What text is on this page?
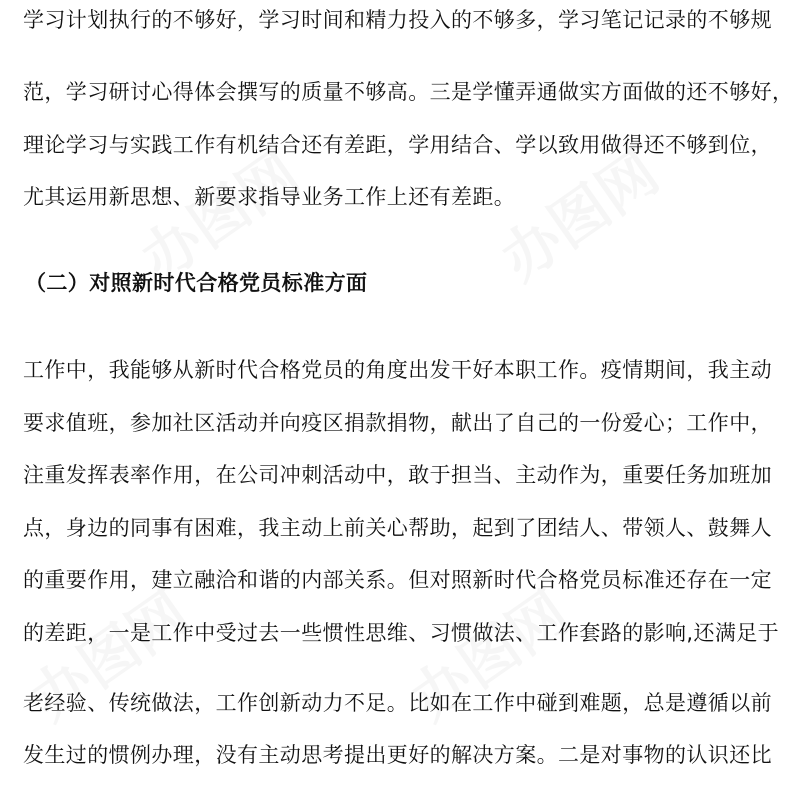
学习计划执行的不够好，学习时间和精力投入的不够多，学习笔记记录的不够规
范，学习研讨心得体会撰写的质量不够高。三是学懂弄通做实方面做的还不够好，
理论学习与实践工作有机结合还有差距，学用结合、学以致用做得还不够到位，
尤其运用新思想、新要求指导业务工作上还有差距。
（二）对照新时代合格党员标准方面
工作中，我能够从新时代合格党员的角度出发干好本职工作。疫情期间，我主动
要求值班，参加社区活动并向疫区捐款捐物，献出了自己的一份爱心；工作中，
注重发挥表率作用，在公司冲刺活动中，敢于担当、主动作为，重要任务加班加
点，身边的同事有困难，我主动上前关心帮助，起到了团结人、带领人、鼓舞人
的重要作用，建立融洽和谐的内部关系。但对照新时代合格党员标准还存在一定
的差距，一是工作中受过去一些惯性思维、习惯做法、工作套路的影响,还满足于
老经验、传统做法，工作创新动力不足。比如在工作中碰到难题，总是遵循以前
发生过的惯例办理，没有主动思考提出更好的解决方案。二是对事物的认识还比
